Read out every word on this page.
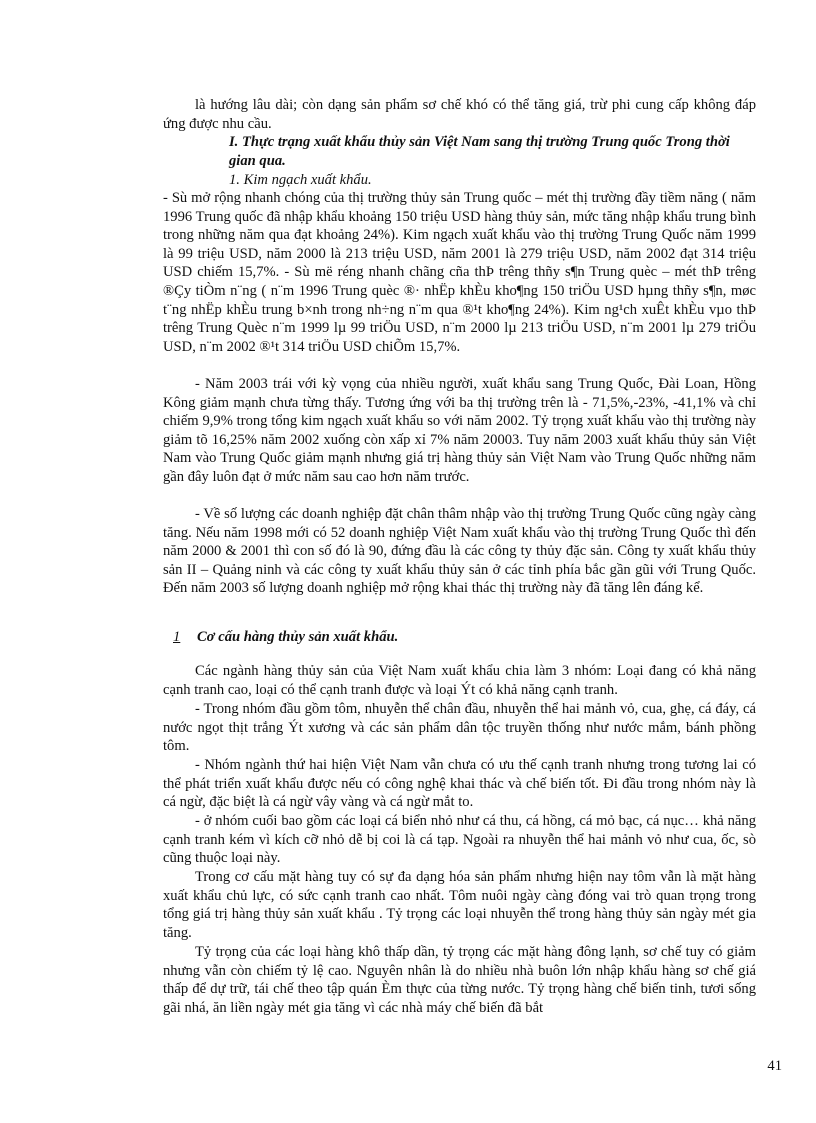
là hướng lâu dài; còn dạng sản phẩm sơ chế khó có thể tăng giá, trừ phi cung cấp không đáp ứng được nhu cầu.

I. Thực trạng xuất khẩu thủy sản Việt Nam sang thị trường Trung quốc Trong thời gian qua.

1. Kim ngạch xuất khẩu.

- Sù mở rộng nhanh chóng của thị trường thủy sản Trung quốc – mét thị trường đầy tiềm năng ( năm 1996 Trung quốc đã nhập khẩu khoảng 150 triệu USD hàng thủy sản, mức tăng nhập khẩu trung bình trong những năm qua đạt khoảng 24%). Kim ngạch xuất khẩu vào thị trường Trung Quốc năm 1999 là 99 triệu USD, năm 2000 là 213 triệu USD, năm 2001 là 279 triệu USD, năm 2002 đạt 314 triệu USD chiếm 15,7%. - Sù më réng nhanh chãng cña thÞ trêng thñy s¶n Trung quèc – mét thÞ trêng ®Çy tiÒm n¨ng ( n¨m 1996 Trung quèc ®· nhËp khÈu kho¶ng 150 triÖu USD hµng thñy s¶n, møc t¨ng nhËp khÈu trung b×nh trong nh÷ng n¨m qua ®¹t kho¶ng 24%). Kim ng¹ch xuÊt khÈu vµo thÞ trêng Trung Quèc n¨m 1999 lµ 99 triÖu USD, n¨m 2000 lµ 213 triÖu USD, n¨m 2001 lµ 279 triÖu USD, n¨m 2002 ®¹t 314 triÖu USD chiÕm 15,7%.

- Năm 2003 trái với kỳ vọng của nhiều người, xuất khẩu sang Trung Quốc, Đài Loan, Hồng Kông giảm mạnh chưa từng thấy. Tương ứng với ba thị trường trên là - 71,5%,-23%, -41,1% và chỉ chiếm 9,9% trong tổng kim ngạch xuất khẩu so với năm 2002. Tỷ trọng xuất khẩu vào thị trường này giảm tõ 16,25% năm 2002 xuống còn xấp xỉ 7% năm 20003. Tuy năm 2003 xuất khẩu thủy sản Việt Nam vào Trung Quốc giảm mạnh nhưng giá trị hàng thủy sản Việt Nam vào Trung Quốc những năm gần đây luôn đạt ở mức năm sau cao hơn năm trước.

- Về số lượng các doanh nghiệp đặt chân thâm nhập vào thị trường Trung Quốc cũng ngày càng tăng. Nếu năm 1998 mới có 52 doanh nghiệp Việt Nam xuất khẩu vào thị trường Trung Quốc thì đến năm 2000 & 2001 thì con số đó là 90, đứng đầu là các công ty thủy đặc sản. Công ty xuất khẩu thủy sản II – Quảng ninh và các công ty xuất khẩu thủy sản ở các tỉnh phía bắc gần gũi với Trung Quốc. Đến năm 2003 số lượng doanh nghiệp mở rộng khai thác thị trường này đã tăng lên đáng kể.

1 Cơ cấu hàng thủy sản xuất khẩu.

Các ngành hàng thủy sản của Việt Nam xuất khẩu chia làm 3 nhóm: Loại đang có khả năng cạnh tranh cao, loại có thể cạnh tranh được và loại Ýt có khả năng cạnh tranh.

- Trong nhóm đầu gồm tôm, nhuyễn thể chân đầu, nhuyễn thể hai mảnh vỏ, cua, ghẹ, cá đáy, cá nước ngọt thịt trắng Ýt xương và các sản phẩm dân tộc truyền thống như nước mắm, bánh phồng tôm.

- Nhóm ngành thứ hai hiện Việt Nam vẫn chưa có ưu thế cạnh tranh nhưng trong tương lai có thể phát triển xuất khẩu được nếu có công nghệ khai thác và chế biến tốt. Đi đầu trong nhóm này là cá ngừ, đặc biệt là cá ngừ vây vàng và cá ngừ mắt to.

- ở nhóm cuối bao gồm các loại cá biển nhỏ như cá thu, cá hồng, cá mỏ bạc, cá nục… khả năng cạnh tranh kém vì kích cỡ nhỏ dễ bị coi là cá tạp. Ngoài ra nhuyễn thể hai mảnh vỏ như cua, ốc, sò cũng thuộc loại này.

Trong cơ cấu mặt hàng tuy có sự đa dạng hóa sản phẩm nhưng hiện nay tôm vẫn là mặt hàng xuất khẩu chủ lực, có sức cạnh tranh cao nhất. Tôm nuôi ngày càng đóng vai trò quan trọng trong tổng giá trị hàng thủy sản xuất khẩu . Tỷ trọng các loại nhuyễn thể trong hàng thủy sản ngày mét gia tăng.

Tỷ trọng của các loại hàng khô thấp dần, tỷ trọng các mặt hàng đông lạnh, sơ chế tuy có giảm nhưng vẫn còn chiếm tỷ lệ cao. Nguyên nhân là do nhiều nhà buôn lớn nhập khẩu hàng sơ chế giá thấp để dự trữ, tái chế theo tập quán Èm thực của từng nước. Tỷ trọng hàng chế biến tinh, tươi sống gãi nhá, ăn liền ngày mét gia tăng vì các nhà máy chế biến đã bắt

41
